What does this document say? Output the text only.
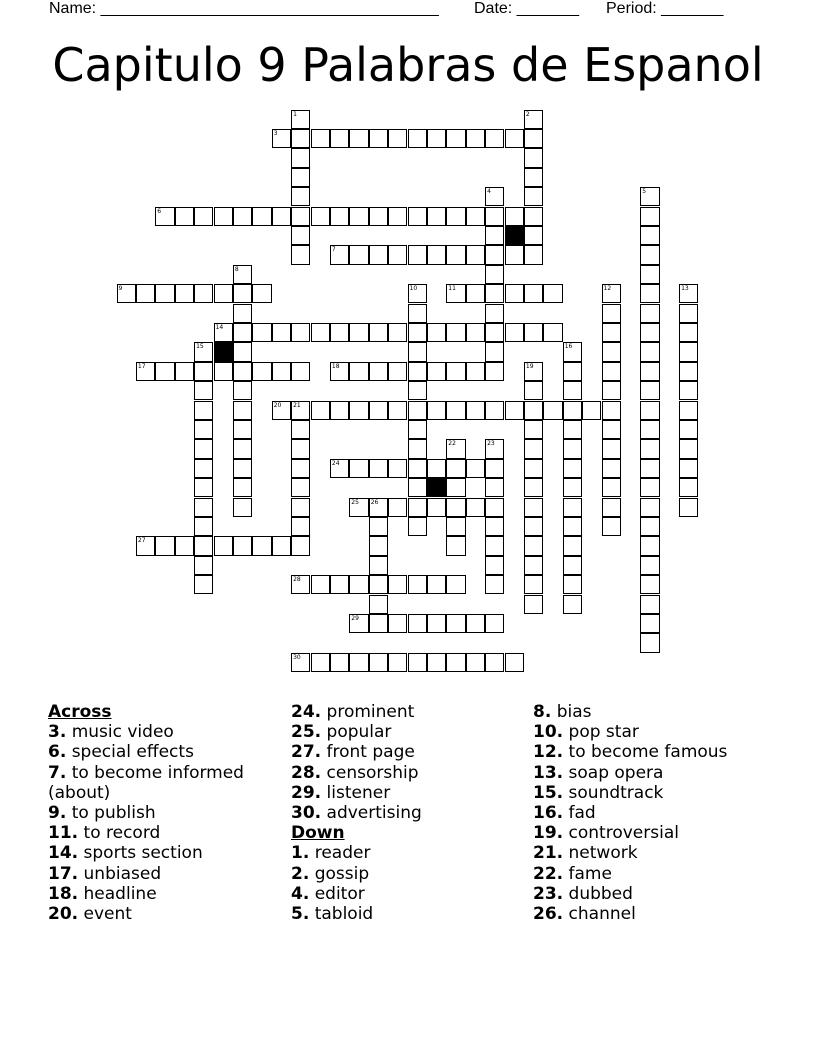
Name: ______________________________________ Date: _______ Period: _______
Capitulo 9 Palabras de Espanol
3
6
7
9	11
14
17	18
20 21
24
25 26
27
28
29
30
1	2
4	5
8
10	12	13
15	16
19
22	23

Across

3. music video

6. special effects

7. to become informed (about)

9. to publish

11. to record

14. sports section

17. unbiased

18. headline

20. event

24. prominent

25. popular

27. front page

28. censorship

29. listener

30. advertising

Down

1. reader

2. gossip

4. editor

5. tabloid

8. bias

10. pop star

12. to become famous

13. soap opera

15. soundtrack

16. fad

19. controversial

21. network

22. fame

23. dubbed

26. channel
